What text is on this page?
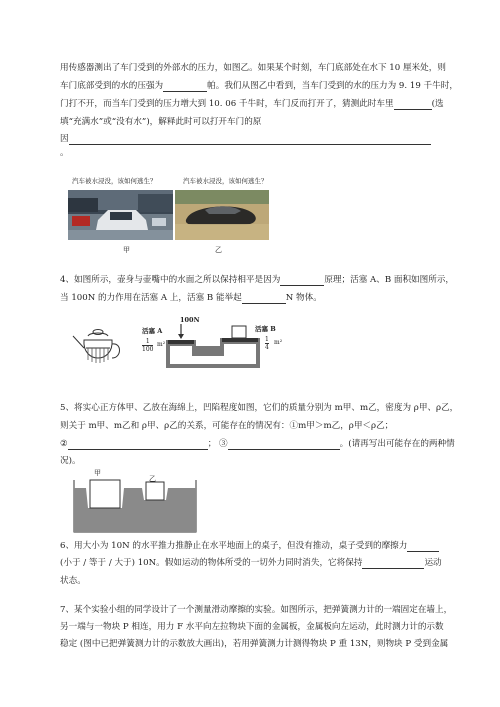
用传感器测出了车门受到的外部水的压力，如图乙。如果某个时刻，车门底部处在水下 10 厘米处，则
车门底部受到的水的压强为	帕。我们从图乙中看到，当车门受到的水的压力为 9. 19 千牛时，
门打不开，而当车门受到的压力增大到 10. 06 千牛时，车门反而打开了，猜测此时车里	(选
填“充满水”或“没有水”)，解释此时可以打开车门的原
因
。
汽车被水浸没，该如何逃生？	汽车被水浸没，该如何逃生？
甲	乙
4、如图所示，壶身与壶嘴中的水面之所以保持相平是因为	原理；活塞 A、B 面积如图所示，
当 100N 的力作用在活塞 A 上，活塞 B 能举起	N 物体。
100N
活塞 A	活塞 B
$\frac{1}{100} m^2$	$\frac{1}{4} m^2$
5、将实心正方体甲、乙放在海绵上，凹陷程度如图，它们的质量分别为 m甲、m乙，密度为 ρ甲、ρ乙，
则关于 m甲、m乙和 ρ甲、ρ乙的关系，可能存在的情况有：①m甲＞m乙，ρ甲＜ρ乙；
②	； ③	。(请再写出可能存在的两种情
况)。
甲
乙
6、用大小为 10N 的水平推力推静止在水平地面上的桌子，但没有推动，桌子受到的摩擦力
(小于 / 等于 / 大于) 10N。假如运动的物体所受的一切外力同时消失，它将保持	运动
状态。
7、某个实验小组的同学设计了一个测量滑动摩擦的实验。如图所示，把弹簧测力计的一端固定在墙上，
另一端与一物块 P 相连，用力 F 水平向左拉物块下面的金属板，金属板向左运动，此时测力计的示数
稳定 (图中已把弹簧测力计的示数放大画出)，若用弹簧测力计测得物块 P 重 13N，则物块 P 受到金属
